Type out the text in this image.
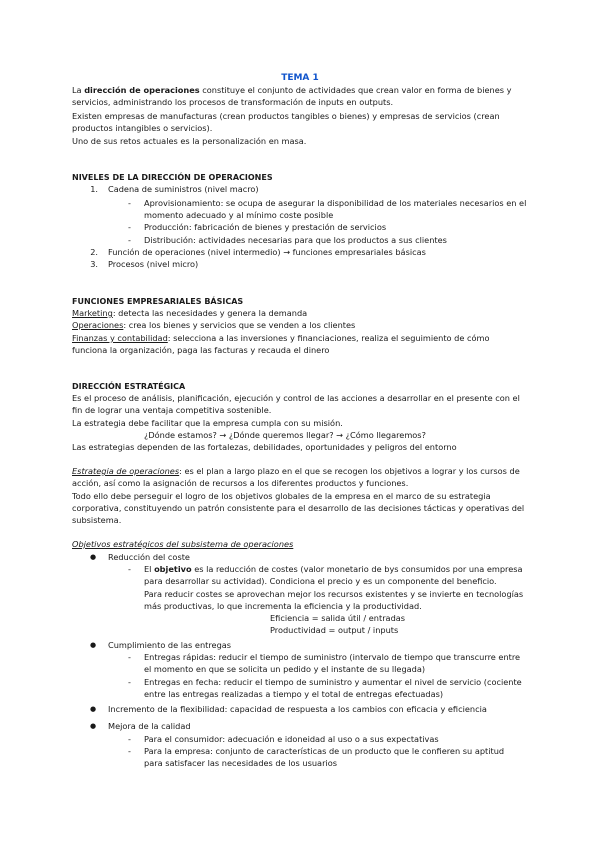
TEMA 1
La dirección de operaciones constituye el conjunto de actividades que crean valor en forma de bienes y
servicios, administrando los procesos de transformación de inputs en outputs.
Existen empresas de manufacturas (crean productos tangibles o bienes) y empresas de servicios (crean
productos intangibles o servicios).
Uno de sus retos actuales es la personalización en masa.
NIVELES DE LA DIRECCIÓN DE OPERACIONES
1. Cadena de suministros (nivel macro)
- Aprovisionamiento: se ocupa de asegurar la disponibilidad de los materiales necesarios en el
momento adecuado y al mínimo coste posible
- Producción: fabricación de bienes y prestación de servicios
- Distribución: actividades necesarias para que los productos a sus clientes
2. Función de operaciones (nivel intermedio) → funciones empresariales básicas
3. Procesos (nivel micro)
FUNCIONES EMPRESARIALES BÁSICAS
Marketing: detecta las necesidades y genera la demanda
Operaciones: crea los bienes y servicios que se venden a los clientes
Finanzas y contabilidad: selecciona a las inversiones y financiaciones, realiza el seguimiento de cómo
funciona la organización, paga las facturas y recauda el dinero
DIRECCIÓN ESTRATÉGICA
Es el proceso de análisis, planificación, ejecución y control de las acciones a desarrollar en el presente con el
fin de lograr una ventaja competitiva sostenible.
La estrategia debe facilitar que la empresa cumpla con su misión.
¿Dónde estamos? → ¿Dónde queremos llegar? → ¿Cómo llegaremos?
Las estrategias dependen de las fortalezas, debilidades, oportunidades y peligros del entorno
Estrategia de operaciones: es el plan a largo plazo en el que se recogen los objetivos a lograr y los cursos de
acción, así como la asignación de recursos a los diferentes productos y funciones.
Todo ello debe perseguir el logro de los objetivos globales de la empresa en el marco de su estrategia
corporativa, constituyendo un patrón consistente para el desarrollo de las decisiones tácticas y operativas del
subsistema.
Objetivos estratégicos del subsistema de operaciones
● Reducción del coste
- El objetivo es la reducción de costes (valor monetario de bys consumidos por una empresa
para desarrollar su actividad). Condiciona el precio y es un componente del beneficio.
Para reducir costes se aprovechan mejor los recursos existentes y se invierte en tecnologías
más productivas, lo que incrementa la eficiencia y la productividad.
Eficiencia = salida útil / entradas
Productividad = output / inputs
● Cumplimiento de las entregas
- Entregas rápidas: reducir el tiempo de suministro (intervalo de tiempo que transcurre entre
el momento en que se solicita un pedido y el instante de su llegada)
- Entregas en fecha: reducir el tiempo de suministro y aumentar el nivel de servicio (cociente
entre las entregas realizadas a tiempo y el total de entregas efectuadas)
● Incremento de la flexibilidad: capacidad de respuesta a los cambios con eficacia y eficiencia
● Mejora de la calidad
- Para el consumidor: adecuación e idoneidad al uso o a sus expectativas
- Para la empresa: conjunto de características de un producto que le confieren su aptitud
para satisfacer las necesidades de los usuarios
